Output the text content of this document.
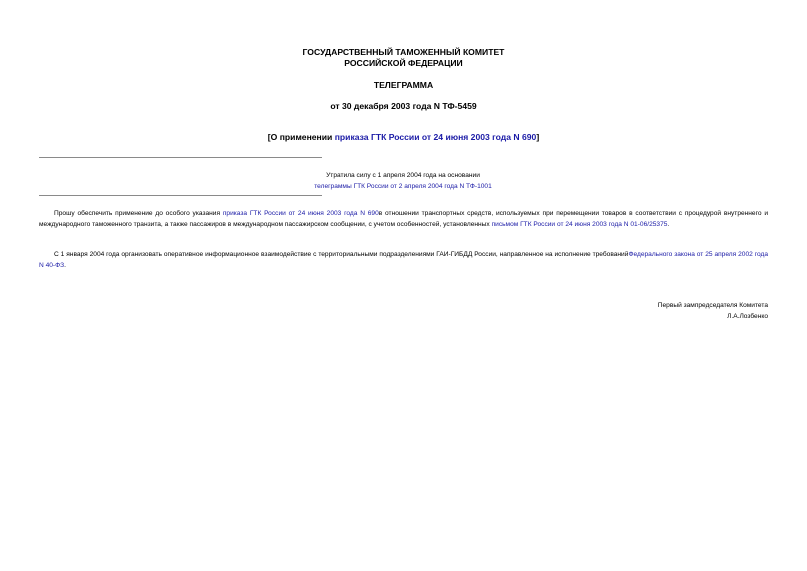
ГОСУДАРСТВЕННЫЙ ТАМОЖЕННЫЙ КОМИТЕТ
РОССИЙСКОЙ ФЕДЕРАЦИИ
ТЕЛЕГРАММА
от 30 декабря 2003 года N ТФ-5459
[О применении приказа ГТК России от 24 июня 2003 года N 690]
Утратила силу с 1 апреля 2004 года на основании
телеграммы ГТК России от 2 апреля 2004 года N ТФ-1001
Прошу обеспечить применение до особого указания приказа ГТК России от 24 июня 2003 года N 690в отношении транспортных средств, используемых при перемещении товаров в соответствии с процедурой внутреннего и международного таможенного транзита, а также пассажиров в международном пассажирском сообщении, с учетом особенностей, установленных письмом ГТК России от 24 июня 2003 года N 01-06/25375.
С 1 января 2004 года организовать оперативное информационное взаимодействие с территориальными подразделениями ГАИ-ГИБДД России, направленное на исполнение требованийФедерального закона от 25 апреля 2002 года N 40-ФЗ.
Первый зампредседателя Комитета
Л.А.Лозбенко
